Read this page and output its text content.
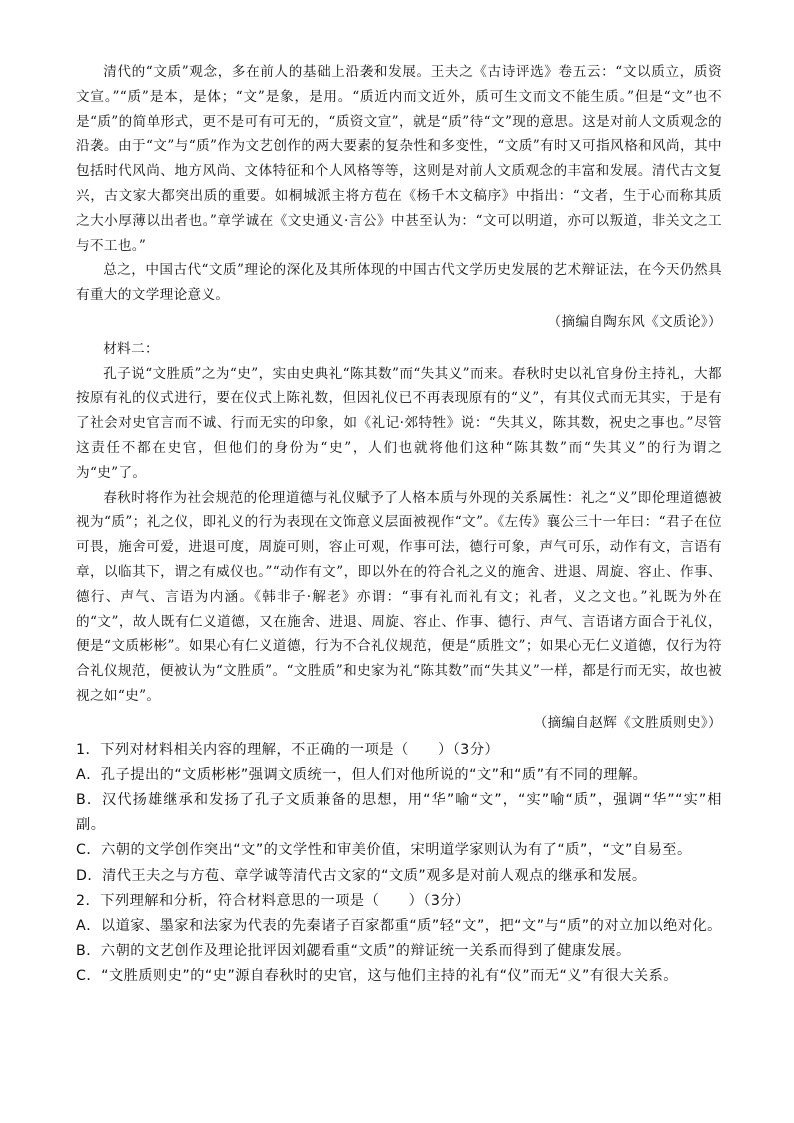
清代的“文质”观念，多在前人的基础上沿袭和发展。王夫之《古诗评选》卷五云：“文以质立，质资文宣。”“质”是本，是体；“文”是象，是用。“质近内而文近外，质可生文而文不能生质。”但是“文”也不是“质”的简单形式，更不是可有可无的，“质资文宣”，就是“质”待“文”现的意思。这是对前人文质观念的沿袭。由于“文”与“质”作为文艺创作的两大要素的复杂性和多变性，“文质”有时又可指风格和风尚，其中包括时代风尚、地方风尚、文体特征和个人风格等等，这则是对前人文质观念的丰富和发展。清代古文复兴，古文家大都突出质的重要。如桐城派主将方苞在《杨千木文稿序》中指出：“文者，生于心而称其质之大小厚薄以出者也。”章学诚在《文史通义·言公》中甚至认为：“文可以明道，亦可以叛道，非关文之工与不工也。”

总之，中国古代“文质”理论的深化及其所体现的中国古代文学历史发展的艺术辩证法，在今天仍然具有重大的文学理论意义。

（摘编自陶东风《文质论》）

材料二：

孔子说“文胜质”之为“史”，实由史典礼“陈其数”而“失其义”而来。春秋时史以礼官身份主持礼，大都按原有礼的仪式进行，要在仪式上陈礼数，但因礼仪已不再表现原有的“义”，有其仪式而无其实，于是有了社会对史官言而不诚、行而无实的印象，如《礼记·郊特牲》说：“失其义，陈其数，祝史之事也。”尽管这责任不都在史官，但他们的身份为“史”，人们也就将他们这种“陈其数”而“失其义”的行为谓之为“史”了。

春秋时将作为社会规范的伦理道德与礼仪赋予了人格本质与外现的关系属性：礼之“义”即伦理道德被视为“质”；礼之仪，即礼义的行为表现在文饰意义层面被视作“文”。《左传》襄公三十一年曰：“君子在位可畏，施舍可爱，进退可度，周旋可则，容止可观，作事可法，德行可象，声气可乐，动作有文，言语有章，以临其下，谓之有威仪也。”“动作有文”，即以外在的符合礼之义的施舍、进退、周旋、容止、作事、德行、声气、言语为内涵。《韩非子·解老》亦谓：“事有礼而礼有文；礼者，义之文也。”礼既为外在的“文”，故人既有仁义道德，又在施舍、进退、周旋、容止、作事、德行、声气、言语诸方面合于礼仪，便是“文质彬彬”。如果心有仁义道德，行为不合礼仪规范，便是“质胜文”；如果心无仁义道德，仅行为符合礼仪规范，便被认为“文胜质”。“文胜质”和史家为礼“陈其数”而“失其义”一样，都是行而无实，故也被视之如“史”。

（摘编自赵辉《文胜质则史》）

1．下列对材料相关内容的理解，不正确的一项是（　　）（3分）

A．孔子提出的“文质彬彬”强调文质统一，但人们对他所说的“文”和“质”有不同的理解。

B．汉代扬雄继承和发扬了孔子文质兼备的思想，用“华”喻“文”，“实”喻“质”，强调“华”“实”相副。

C．六朝的文学创作突出“文”的文学性和审美价值，宋明道学家则认为有了“质”，“文”自易至。

D．清代王夫之与方苞、章学诚等清代古文家的“文质”观多是对前人观点的继承和发展。

2．下列理解和分析，符合材料意思的一项是（　　）（3分）

A．以道家、墨家和法家为代表的先秦诸子百家都重“质”轻“文”，把“文”与“质”的对立加以绝对化。

B．六朝的文艺创作及理论批评因刘勰看重“文质”的辩证统一关系而得到了健康发展。

C．“文胜质则史”的“史”源自春秋时的史官，这与他们主持的礼有“仪”而无“义”有很大关系。
